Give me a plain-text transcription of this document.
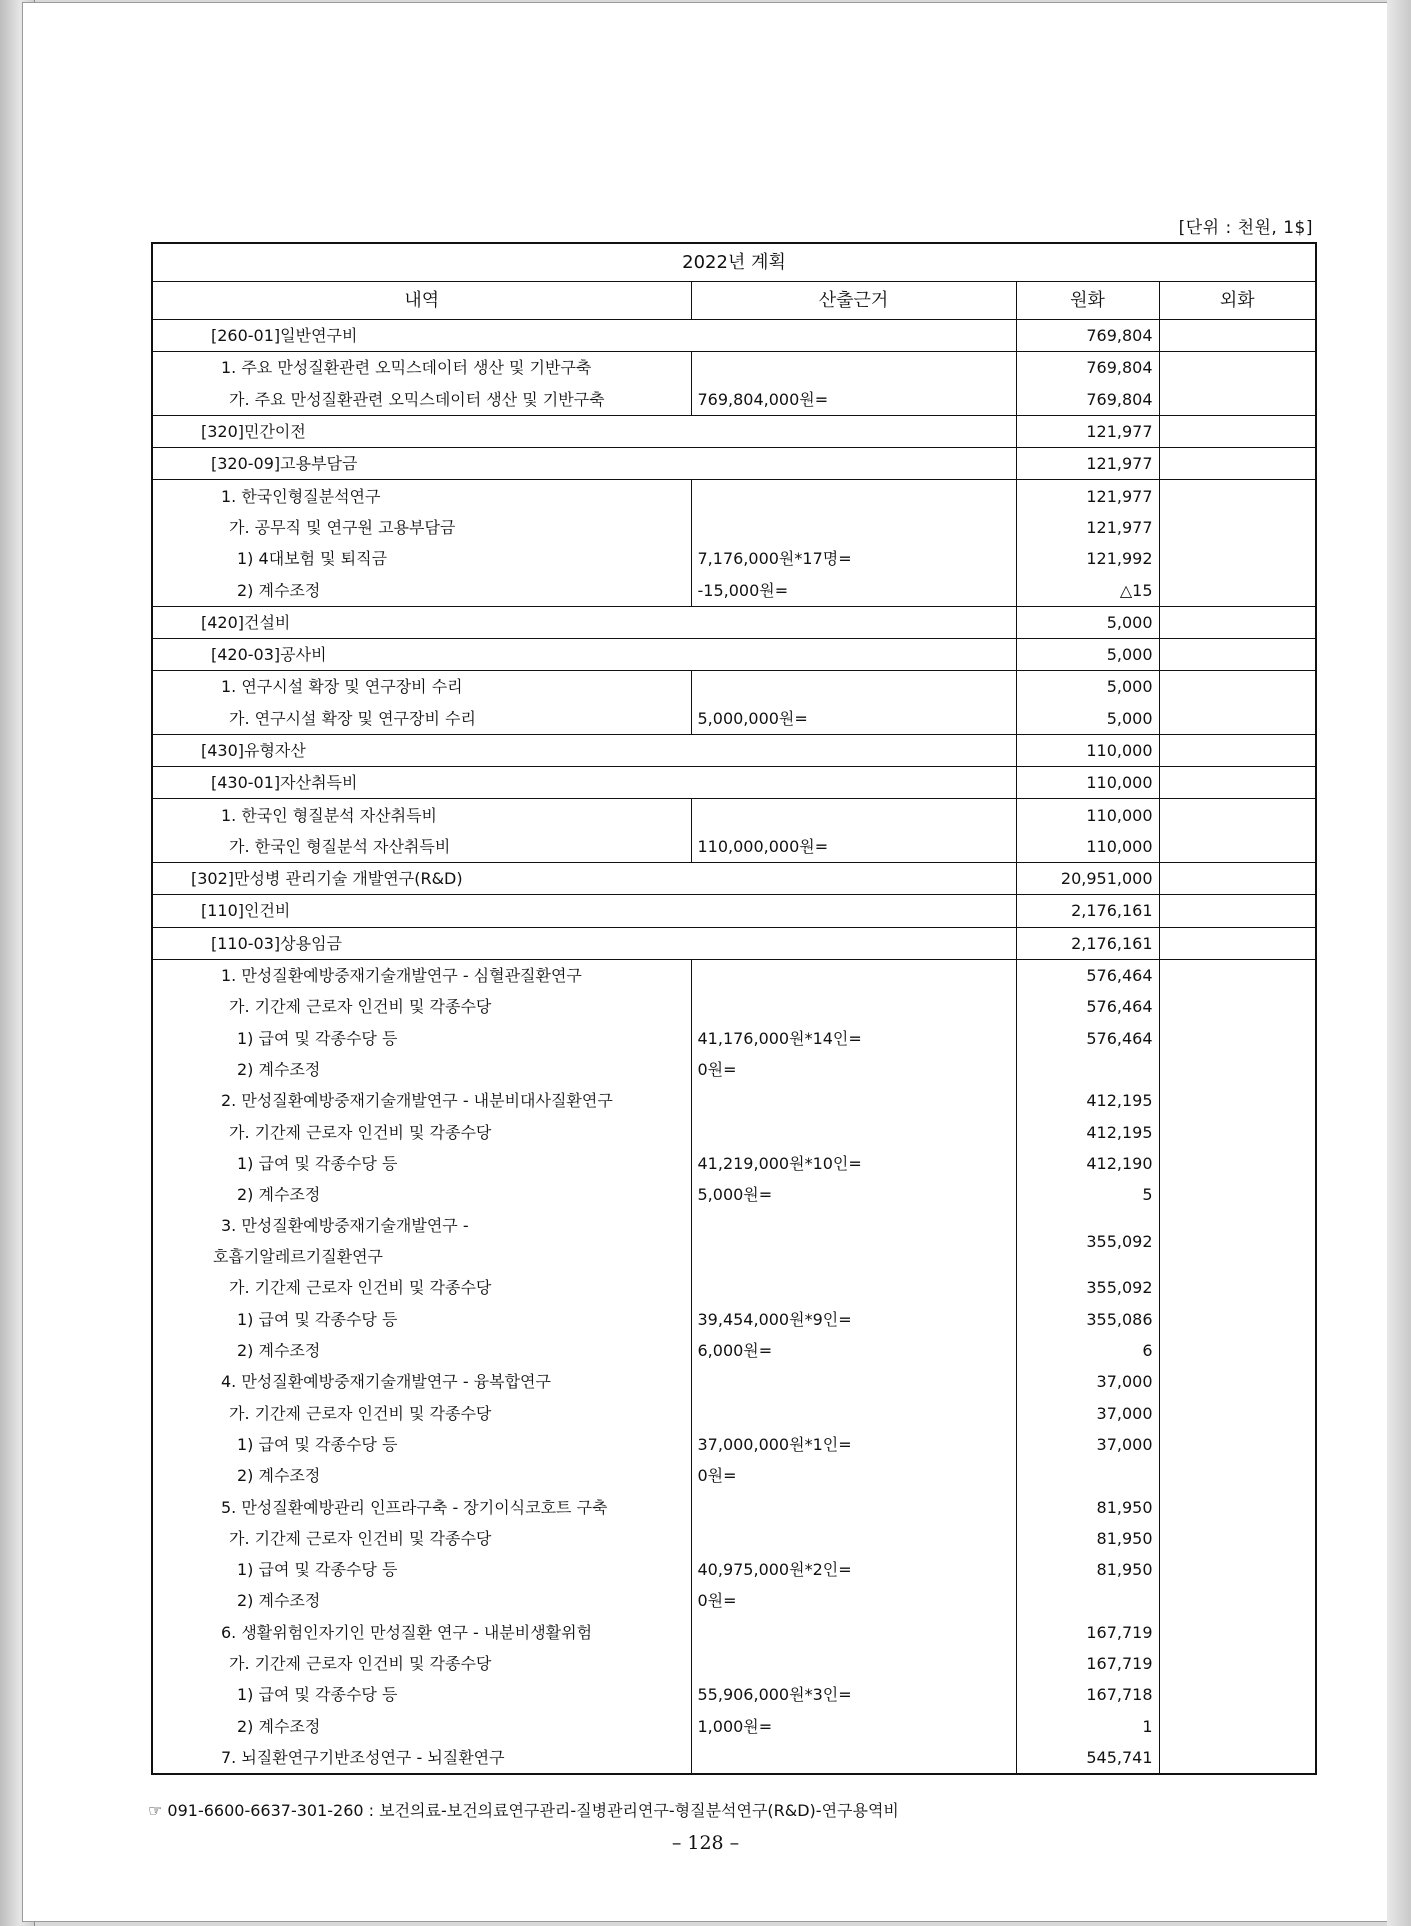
[단위 : 천원, 1$]
2022년 계획			
내역	산출근거	원화	외화
[260-01]일반연구비		769,804	
1. 주요 만성질환관련 오믹스데이터 생산 및 기반구축		769,804	
가. 주요 만성질환관련 오믹스데이터 생산 및 기반구축	769,804,000원=	769,804	
[320]민간이전		121,977	
[320-09]고용부담금		121,977	
1. 한국인형질분석연구		121,977	
가. 공무직 및 연구원 고용부담금		121,977	
1) 4대보험 및 퇴직금	7,176,000원*17명=	121,992	
2) 계수조정	-15,000원=	△15	
[420]건설비		5,000	
[420-03]공사비		5,000	
1. 연구시설 확장 및 연구장비 수리		5,000	
가. 연구시설 확장 및 연구장비 수리	5,000,000원=	5,000	
[430]유형자산		110,000	
[430-01]자산취득비		110,000	
1. 한국인 형질분석 자산취득비		110,000	
가. 한국인 형질분석 자산취득비	110,000,000원=	110,000	
[302]만성병 관리기술 개발연구(R&D)		20,951,000	
[110]인건비		2,176,161	
[110-03]상용임금		2,176,161	
1. 만성질환예방중재기술개발연구 - 심혈관질환연구		576,464	
가. 기간제 근로자 인건비 및 각종수당		576,464	
1) 급여 및 각종수당 등	41,176,000원*14인=	576,464	
2) 계수조정	0원=		
2. 만성질환예방중재기술개발연구 - 내분비대사질환연구		412,195	
가. 기간제 근로자 인건비 및 각종수당		412,195	
1) 급여 및 각종수당 등	41,219,000원*10인=	412,190	
2) 계수조정	5,000원=	5	
3. 만성질환예방중재기술개발연구 -
호흡기알레르기질환연구		355,092	
가. 기간제 근로자 인건비 및 각종수당		355,092	
1) 급여 및 각종수당 등	39,454,000원*9인=	355,086	
2) 계수조정	6,000원=	6	
4. 만성질환예방중재기술개발연구 - 융복합연구		37,000	
가. 기간제 근로자 인건비 및 각종수당		37,000	
1) 급여 및 각종수당 등	37,000,000원*1인=	37,000	
2) 계수조정	0원=		
5. 만성질환예방관리 인프라구축 - 장기이식코호트 구축		81,950	
가. 기간제 근로자 인건비 및 각종수당		81,950	
1) 급여 및 각종수당 등	40,975,000원*2인=	81,950	
2) 계수조정	0원=		
6. 생활위험인자기인 만성질환 연구 - 내분비생활위험		167,719	
가. 기간제 근로자 인건비 및 각종수당		167,719	
1) 급여 및 각종수당 등	55,906,000원*3인=	167,718	
2) 계수조정	1,000원=	1	
7. 뇌질환연구기반조성연구 - 뇌질환연구		545,741	
☞ 091-6600-6637-301-260 : 보건의료-보건의료연구관리-질병관리연구-형질분석연구(R&D)-연구용역비
– 128 –
